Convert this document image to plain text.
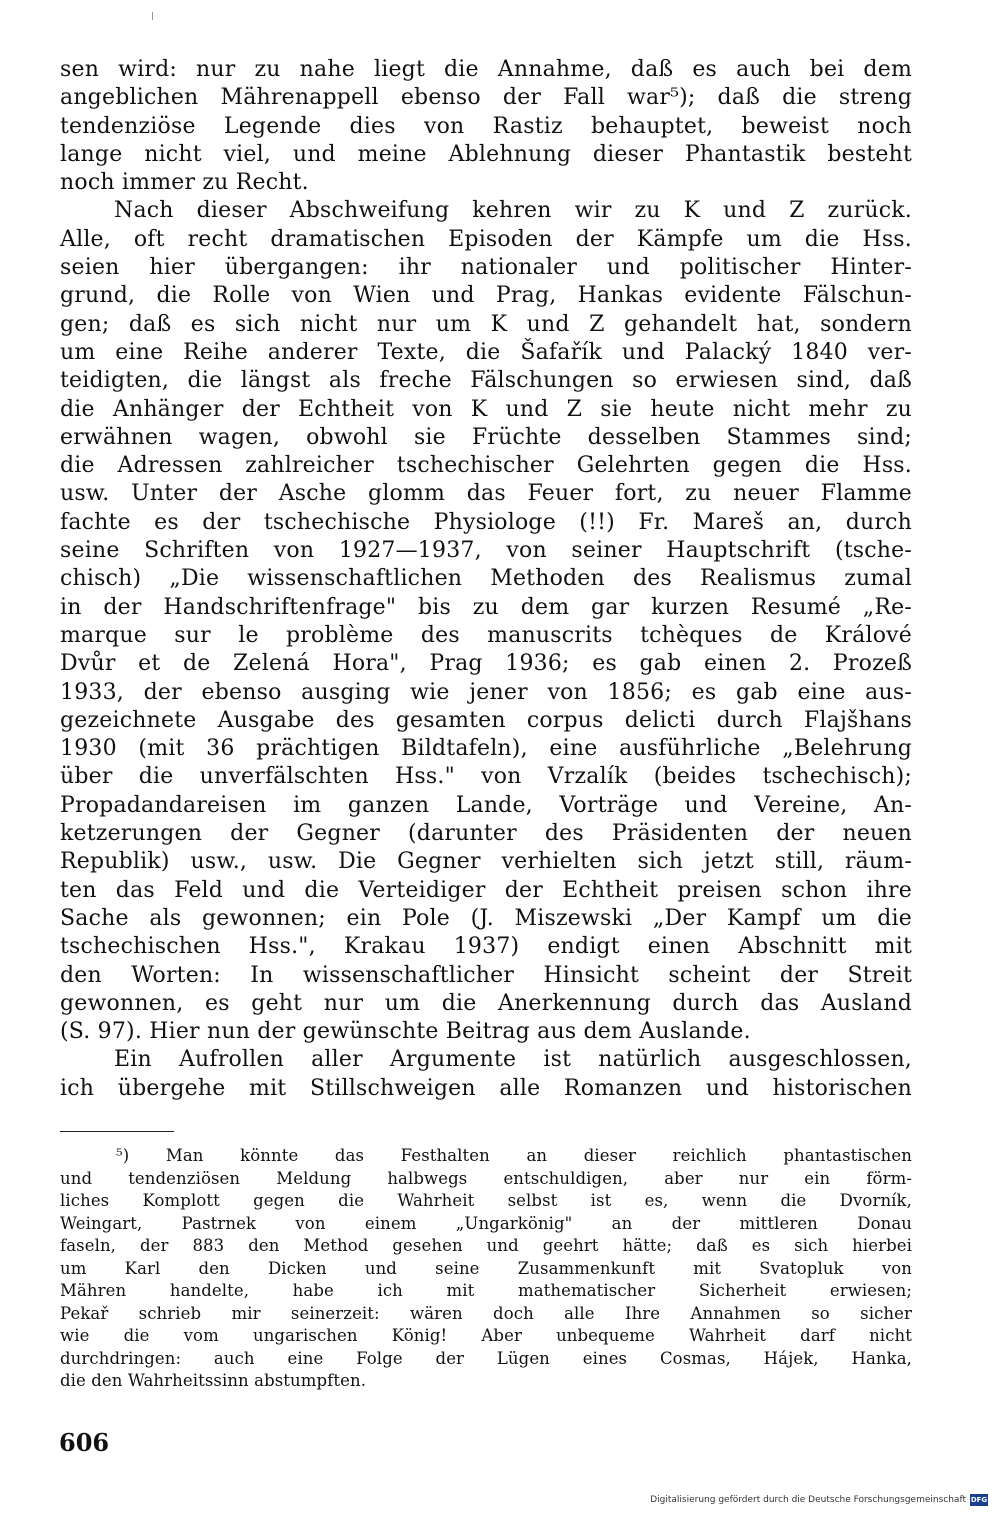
sen wird: nur zu nahe liegt die Annahme, daß es auch bei dem
angeblichen Mährenappell ebenso der Fall war⁵); daß die streng
tendenziöse Legende dies von Rastiz behauptet, beweist noch
lange nicht viel, und meine Ablehnung dieser Phantastik besteht
noch immer zu Recht.
Nach dieser Abschweifung kehren wir zu K und Z zurück.
Alle, oft recht dramatischen Episoden der Kämpfe um die Hss.
seien hier übergangen: ihr nationaler und politischer Hinter-
grund, die Rolle von Wien und Prag, Hankas evidente Fälschun-
gen; daß es sich nicht nur um K und Z gehandelt hat, sondern
um eine Reihe anderer Texte, die Šafařík und Palacký 1840 ver-
teidigten, die längst als freche Fälschungen so erwiesen sind, daß
die Anhänger der Echtheit von K und Z sie heute nicht mehr zu
erwähnen wagen, obwohl sie Früchte desselben Stammes sind;
die Adressen zahlreicher tschechischer Gelehrten gegen die Hss.
usw. Unter der Asche glomm das Feuer fort, zu neuer Flamme
fachte es der tschechische Physiologe (!!) Fr. Mareš an, durch
seine Schriften von 1927—1937, von seiner Hauptschrift (tsche-
chisch) „Die wissenschaftlichen Methoden des Realismus zumal
in der Handschriftenfrage" bis zu dem gar kurzen Resumé „Re-
marque sur le problème des manuscrits tchèques de Králové
Dvůr et de Zelená Hora", Prag 1936; es gab einen 2. Prozeß
1933, der ebenso ausging wie jener von 1856; es gab eine aus-
gezeichnete Ausgabe des gesamten corpus delicti durch Flajšhans
1930 (mit 36 prächtigen Bildtafeln), eine ausführliche „Belehrung
über die unverfälschten Hss." von Vrzalík (beides tschechisch);
Propadandareisen im ganzen Lande, Vorträge und Vereine, An-
ketzerungen der Gegner (darunter des Präsidenten der neuen
Republik) usw., usw. Die Gegner verhielten sich jetzt still, räum-
ten das Feld und die Verteidiger der Echtheit preisen schon ihre
Sache als gewonnen; ein Pole (J. Miszewski „Der Kampf um die
tschechischen Hss.", Krakau 1937) endigt einen Abschnitt mit
den Worten: In wissenschaftlicher Hinsicht scheint der Streit
gewonnen, es geht nur um die Anerkennung durch das Ausland
(S. 97). Hier nun der gewünschte Beitrag aus dem Auslande.
Ein Aufrollen aller Argumente ist natürlich ausgeschlossen,
ich übergehe mit Stillschweigen alle Romanzen und historischen
⁵) Man könnte das Festhalten an dieser reichlich phantastischen
und tendenziösen Meldung halbwegs entschuldigen, aber nur ein förm-
liches Komplott gegen die Wahrheit selbst ist es, wenn die Dvorník,
Weingart, Pastrnek von einem „Ungarkönig" an der mittleren Donau
faseln, der 883 den Method gesehen und geehrt hätte; daß es sich hierbei
um Karl den Dicken und seine Zusammenkunft mit Svatopluk von
Mähren handelte, habe ich mit mathematischer Sicherheit erwiesen;
Pekař schrieb mir seinerzeit: wären doch alle Ihre Annahmen so sicher
wie die vom ungarischen König! Aber unbequeme Wahrheit darf nicht
durchdringen: auch eine Folge der Lügen eines Cosmas, Hájek, Hanka,
die den Wahrheitssinn abstumpften.
606
Digitalisierung gefördert durch die Deutsche Forschungsgemeinschaft DFG
